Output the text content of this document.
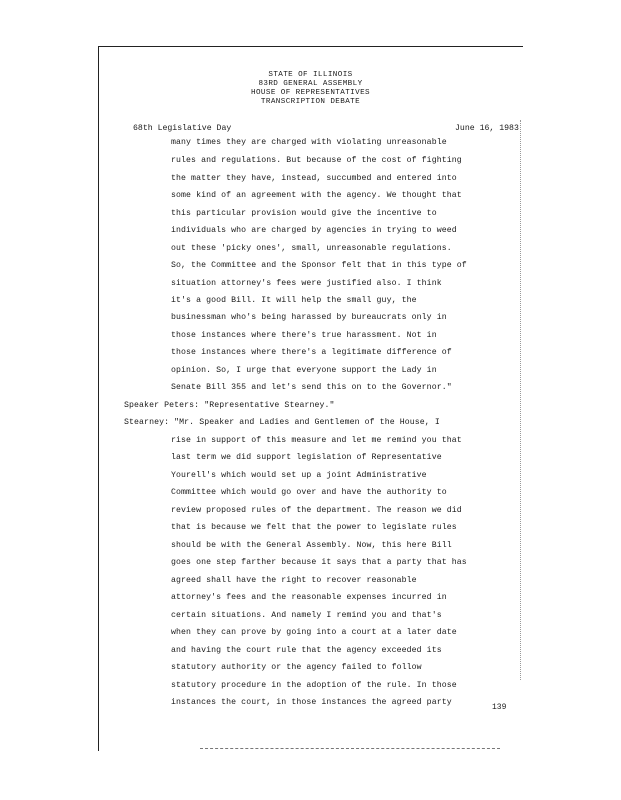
STATE OF ILLINOIS
83RD GENERAL ASSEMBLY
HOUSE OF REPRESENTATIVES
TRANSCRIPTION DEBATE
68th Legislative Day	June 16, 1983
many times they are charged with violating unreasonable
rules and regulations. But because of the cost of fighting
the matter they have, instead, succumbed and entered into
some kind of an agreement with the agency. We thought that
this particular provision would give the incentive to
individuals who are charged by agencies in trying to weed
out these 'picky ones', small, unreasonable regulations.
So, the Committee and the Sponsor felt that in this type of
situation attorney's fees were justified also. I think
it's a good Bill. It will help the small guy, the
businessman who's being harassed by bureaucrats only in
those instances where there's true harassment. Not in
those instances where there's a legitimate difference of
opinion. So, I urge that everyone support the Lady in
Senate Bill 355 and let's send this on to the Governor."
Speaker Peters: "Representative Stearney."
Stearney: "Mr. Speaker and Ladies and Gentlemen of the House, I
rise in support of this measure and let me remind you that
last term we did support legislation of Representative
Yourell's which would set up a joint Administrative
Committee which would go over and have the authority to
review proposed rules of the department. The reason we did
that is because we felt that the power to legislate rules
should be with the General Assembly. Now, this here Bill
goes one step farther because it says that a party that has
agreed shall have the right to recover reasonable
attorney's fees and the reasonable expenses incurred in
certain situations. And namely I remind you and that's
when they can prove by going into a court at a later date
and having the court rule that the agency exceeded its
statutory authority or the agency failed to follow
statutory procedure in the adoption of the rule. In those
instances the court, in those instances the agreed party
139
